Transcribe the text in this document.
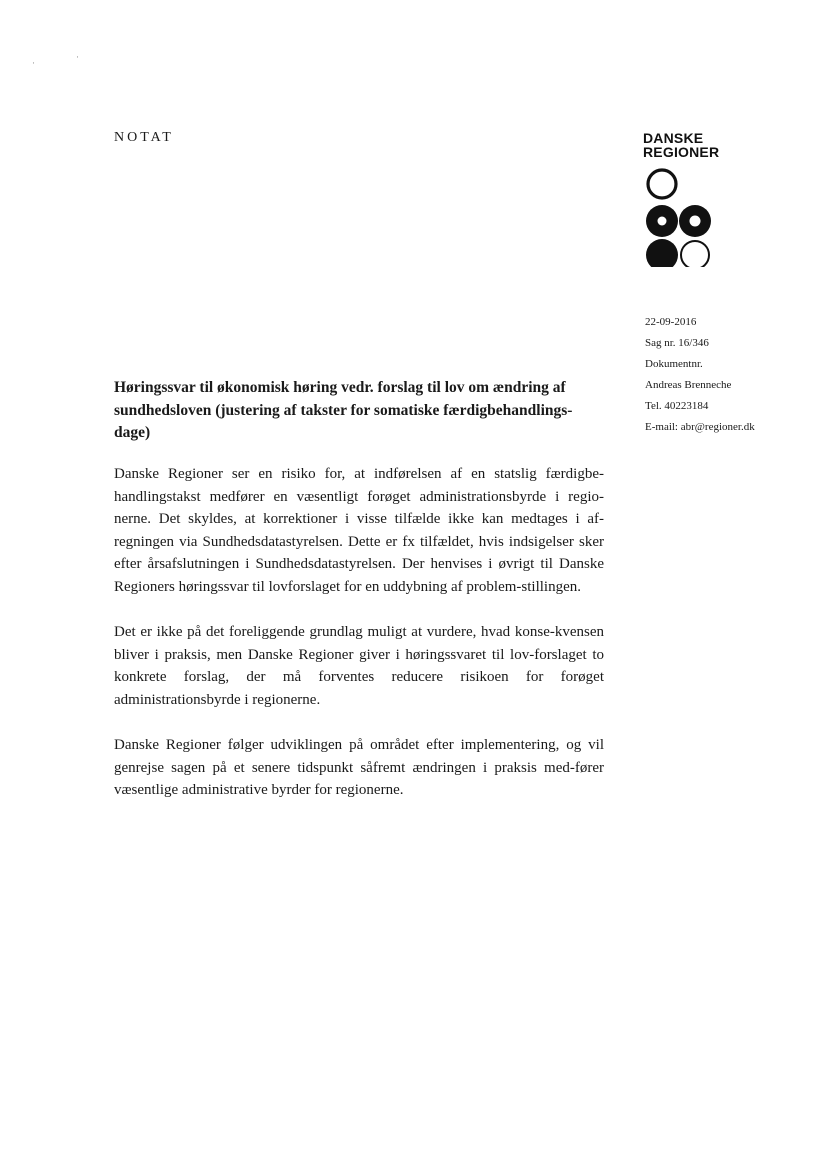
·
·
NOTAT	DANSKE
REGIONER
22-09-2016
Sag nr. 16/346
Dokumentnr.
Andreas Brenneche
Tel. 40223184
E-mail: abr@regioner.dk
Høringssvar til økonomisk høring vedr. forslag til lov om ændring af sundhedsloven (justering af takster for somatiske færdigbehandlings-dage)

Danske Regioner ser en risiko for, at indførelsen af en statslig færdigbe-handlingstakst medfører en væsentligt forøget administrationsbyrde i regio-nerne. Det skyldes, at korrektioner i visse tilfælde ikke kan medtages i af-regningen via Sundhedsdatastyrelsen. Dette er fx tilfældet, hvis indsigelser sker efter årsafslutningen i Sundhedsdatastyrelsen. Der henvises i øvrigt til Danske Regioners høringssvar til lovforslaget for en uddybning af problem-stillingen.

Det er ikke på det foreliggende grundlag muligt at vurdere, hvad konse-kvensen bliver i praksis, men Danske Regioner giver i høringssvaret til lov-forslaget to konkrete forslag, der må forventes reducere risikoen for forøget administrationsbyrde i regionerne.

Danske Regioner følger udviklingen på området efter implementering, og vil genrejse sagen på et senere tidspunkt såfremt ændringen i praksis med-fører væsentlige administrative byrder for regionerne.
